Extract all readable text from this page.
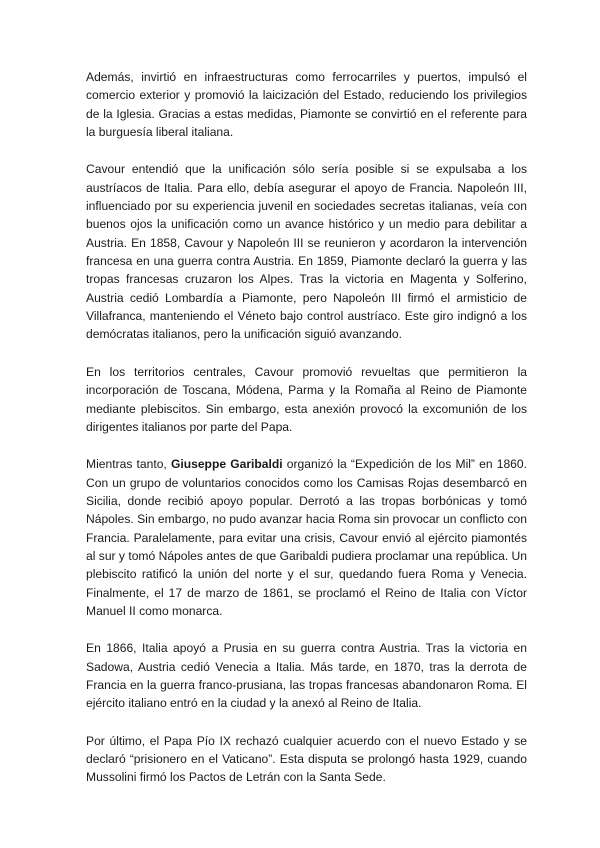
Además, invirtió en infraestructuras como ferrocarriles y puertos, impulsó el comercio exterior y promovió la laicización del Estado, reduciendo los privilegios de la Iglesia. Gracias a estas medidas, Piamonte se convirtió en el referente para la burguesía liberal italiana.

Cavour entendió que la unificación sólo sería posible si se expulsaba a los austríacos de Italia. Para ello, debía asegurar el apoyo de Francia. Napoleón III, influenciado por su experiencia juvenil en sociedades secretas italianas, veía con buenos ojos la unificación como un avance histórico y un medio para debilitar a Austria. En 1858, Cavour y Napoleón III se reunieron y acordaron la intervención francesa en una guerra contra Austria. En 1859, Piamonte declaró la guerra y las tropas francesas cruzaron los Alpes. Tras la victoria en Magenta y Solferino, Austria cedió Lombardía a Piamonte, pero Napoleón III firmó el armisticio de Villafranca, manteniendo el Véneto bajo control austríaco. Este giro indignó a los demócratas italianos, pero la unificación siguió avanzando.

En los territorios centrales, Cavour promovió revueltas que permitieron la incorporación de Toscana, Módena, Parma y la Romaña al Reino de Piamonte mediante plebiscitos. Sin embargo, esta anexión provocó la excomunión de los dirigentes italianos por parte del Papa.

Mientras tanto, Giuseppe Garibaldi organizó la “Expedición de los Mil” en 1860. Con un grupo de voluntarios conocidos como los Camisas Rojas desembarcó en Sicilia, donde recibió apoyo popular. Derrotó a las tropas borbónicas y tomó Nápoles. Sin embargo, no pudo avanzar hacia Roma sin provocar un conflicto con Francia. Paralelamente, para evitar una crisis, Cavour envió al ejército piamontés al sur y tomó Nápoles antes de que Garibaldi pudiera proclamar una república. Un plebiscito ratificó la unión del norte y el sur, quedando fuera Roma y Venecia. Finalmente, el 17 de marzo de 1861, se proclamó el Reino de Italia con Víctor Manuel II como monarca.

En 1866, Italia apoyó a Prusia en su guerra contra Austria. Tras la victoria en Sadowa, Austria cedió Venecia a Italia. Más tarde, en 1870, tras la derrota de Francia en la guerra franco-prusiana, las tropas francesas abandonaron Roma. El ejército italiano entró en la ciudad y la anexó al Reino de Italia.

Por último, el Papa Pío IX rechazó cualquier acuerdo con el nuevo Estado y se declaró “prisionero en el Vaticano”. Esta disputa se prolongó hasta 1929, cuando Mussolini firmó los Pactos de Letrán con la Santa Sede.
